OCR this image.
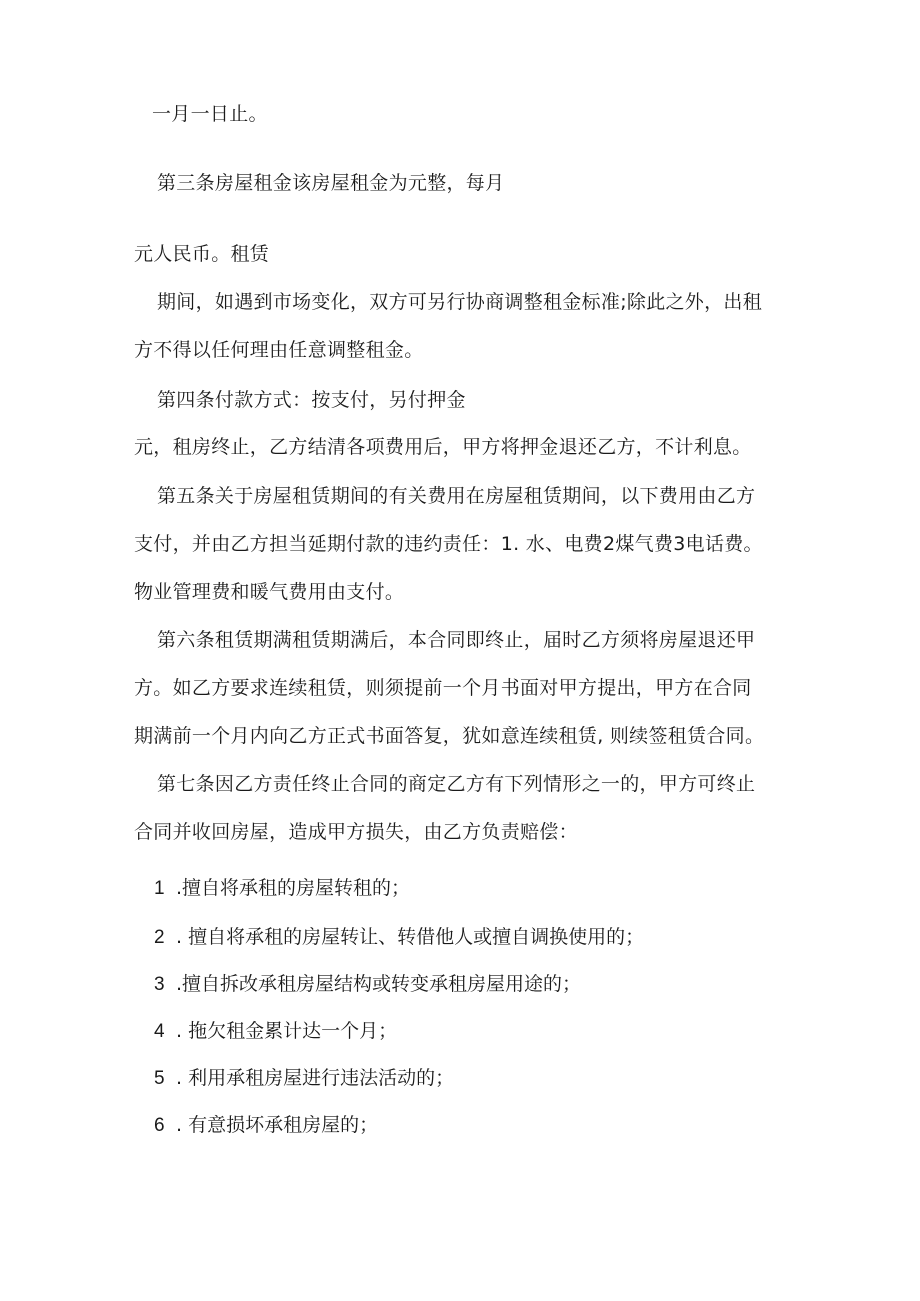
一月一日止。
第三条房屋租金该房屋租金为元整，每月
元人民币。租赁
期间，如遇到市场变化，双方可另行协商调整租金标准;除此之外，出租
方不得以任何理由任意调整租金。
第四条付款方式：按支付，另付押金
元，租房终止，乙方结清各项费用后，甲方将押金退还乙方，不计利息。
第五条关于房屋租赁期间的有关费用在房屋租赁期间，以下费用由乙方
支付，并由乙方担当延期付款的违约责任：1. 水、电费2煤气费3电话费。
物业管理费和暖气费用由支付。
第六条租赁期满租赁期满后，本合同即终止，届时乙方须将房屋退还甲
方。如乙方要求连续租赁，则须提前一个月书面对甲方提出，甲方在合同
期满前一个月内向乙方正式书面答复，犹如意连续租赁, 则续签租赁合同。
第七条因乙方责任终止合同的商定乙方有下列情形之一的，甲方可终止
合同并收回房屋，造成甲方损失，由乙方负责赔偿：
1 .擅自将承租的房屋转租的；
2 . 擅自将承租的房屋转让、转借他人或擅自调换使用的；
3 .擅自拆改承租房屋结构或转变承租房屋用途的；
4 . 拖欠租金累计达一个月；
5 . 利用承租房屋进行违法活动的；
6 . 有意损坏承租房屋的；
